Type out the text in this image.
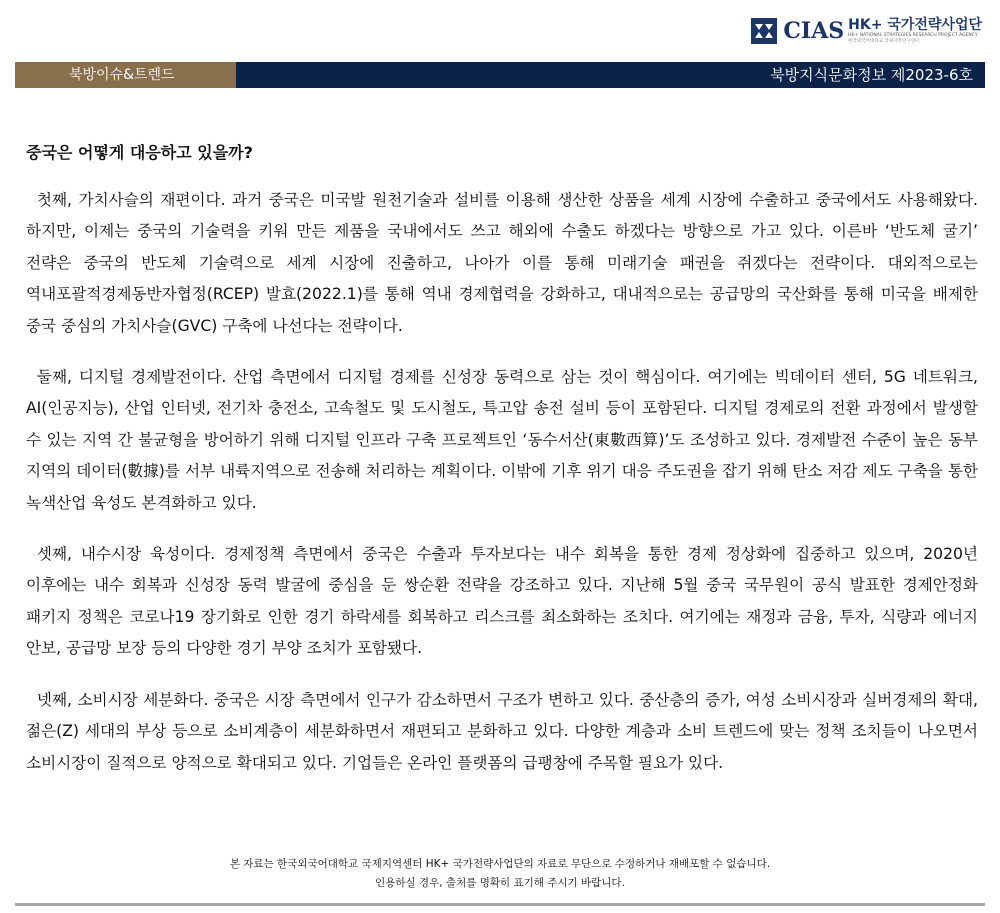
CIAS HK+ 국가전략사업단
HK+ NATIONAL STRATEGIES RESEARCH PROJECT AGENCY
한국외국어대학교 국제지역연구센터
북방이슈&트렌드	북방지식문화정보 제2023-6호

중국은 어떻게 대응하고 있을까?

첫째, 가치사슬의 재편이다. 과거 중국은 미국발 원천기술과 설비를 이용해 생산한 상품을 세계 시장에 수출하고 중국에서도 사용해왔다. 하지만, 이제는 중국의 기술력을 키워 만든 제품을 국내에서도 쓰고 해외에 수출도 하겠다는 방향으로 가고 있다. 이른바 ‘반도체 굴기’ 전략은 중국의 반도체 기술력으로 세계 시장에 진출하고, 나아가 이를 통해 미래기술 패권을 쥐겠다는 전략이다. 대외적으로는 역내포괄적경제동반자협정(RCEP) 발효(2022.1)를 통해 역내 경제협력을 강화하고, 대내적으로는 공급망의 국산화를 통해 미국을 배제한 중국 중심의 가치사슬(GVC) 구축에 나선다는 전략이다.

둘째, 디지털 경제발전이다. 산업 측면에서 디지털 경제를 신성장 동력으로 삼는 것이 핵심이다. 여기에는 빅데이터 센터, 5G 네트워크, AI(인공지능), 산업 인터넷, 전기차 충전소, 고속철도 및 도시철도, 특고압 송전 설비 등이 포함된다. 디지털 경제로의 전환 과정에서 발생할 수 있는 지역 간 불균형을 방어하기 위해 디지털 인프라 구축 프로젝트인 ‘동수서산(東數西算)’도 조성하고 있다. 경제발전 수준이 높은 동부 지역의 데이터(數據)를 서부 내륙지역으로 전송해 처리하는 계획이다. 이밖에 기후 위기 대응 주도권을 잡기 위해 탄소 저감 제도 구축을 통한 녹색산업 육성도 본격화하고 있다.

셋째, 내수시장 육성이다. 경제정책 측면에서 중국은 수출과 투자보다는 내수 회복을 통한 경제 정상화에 집중하고 있으며, 2020년 이후에는 내수 회복과 신성장 동력 발굴에 중심을 둔 쌍순환 전략을 강조하고 있다. 지난해 5월 중국 국무원이 공식 발표한 경제안정화 패키지 정책은 코로나19 장기화로 인한 경기 하락세를 회복하고 리스크를 최소화하는 조치다. 여기에는 재정과 금융, 투자, 식량과 에너지 안보, 공급망 보장 등의 다양한 경기 부양 조치가 포함됐다.

넷째, 소비시장 세분화다. 중국은 시장 측면에서 인구가 감소하면서 구조가 변하고 있다. 중산층의 증가, 여성 소비시장과 실버경제의 확대, 젊은(Z) 세대의 부상 등으로 소비계층이 세분화하면서 재편되고 분화하고 있다. 다양한 계층과 소비 트렌드에 맞는 정책 조치들이 나오면서 소비시장이 질적으로 양적으로 확대되고 있다. 기업들은 온라인 플랫폼의 급팽창에 주목할 필요가 있다.

본 자료는 한국외국어대학교 국제지역센터 HK+ 국가전략사업단의 자료로 무단으로 수정하거나 재배포할 수 없습니다.
인용하실 경우, 출처를 명확히 표기해 주시기 바랍니다.
